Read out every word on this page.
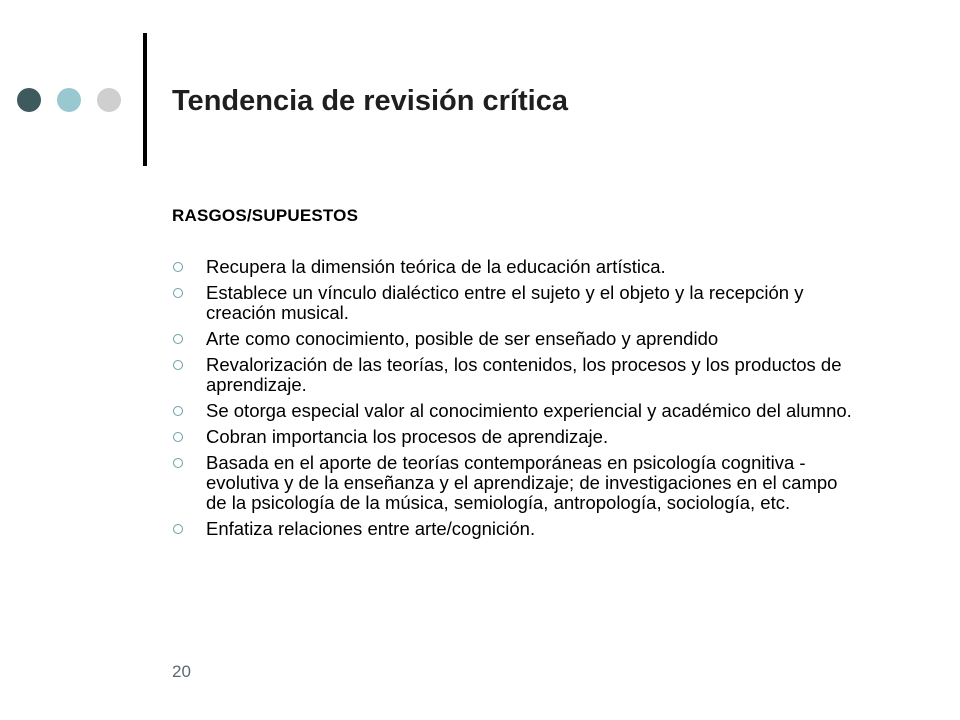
Tendencia de revisión crítica
RASGOS/SUPUESTOS
Recupera la dimensión teórica de la educación artística.
Establece un vínculo dialéctico entre el sujeto y el objeto y la recepción y creación musical.
Arte como conocimiento, posible de ser enseñado y aprendido
Revalorización de las teorías, los contenidos, los procesos y los productos de aprendizaje.
Se otorga especial valor al conocimiento experiencial y académico del alumno.
Cobran importancia los procesos de aprendizaje.
Basada en el aporte de teorías contemporáneas en psicología cognitiva - evolutiva y de la enseñanza y el aprendizaje; de investigaciones en el campo de la psicología de la música, semiología, antropología, sociología, etc.
Enfatiza relaciones entre arte/cognición.
20
